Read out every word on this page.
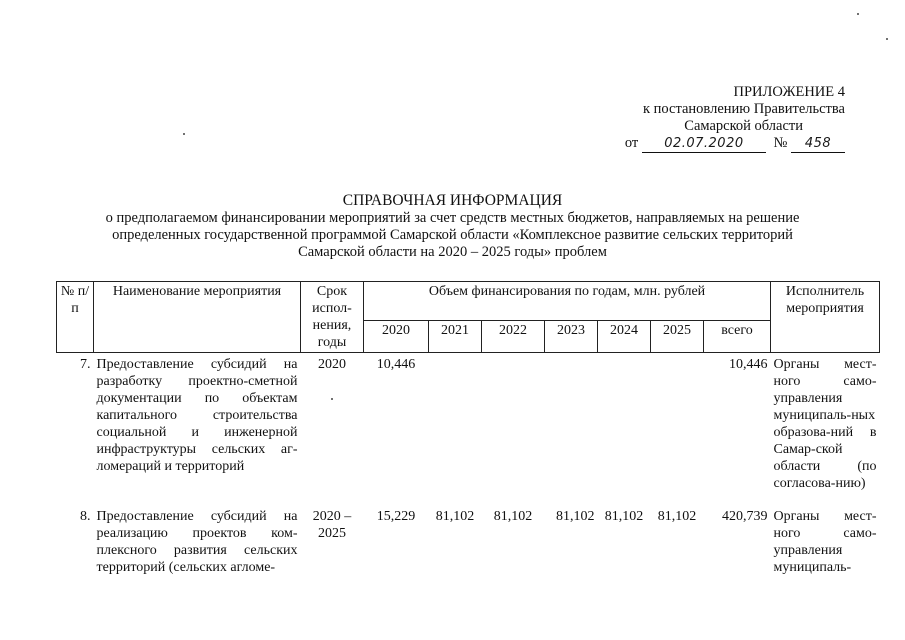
ПРИЛОЖЕНИЕ 4
к постановлению Правительства
Самарской области
от 02.07.2020 № 458
СПРАВОЧНАЯ ИНФОРМАЦИЯ
о предполагаемом финансировании мероприятий за счет средств местных бюджетов, направляемых на решение
определенных государственной программой Самарской области «Комплексное развитие сельских территорий
Самарской области на 2020 – 2025 годы» проблем
№ п/п	Наименование мероприятия	Срок испол-нения, годы	Объем финансирования по годам, млн. рублей							Исполнитель мероприятия
			2020	2021	2022	2023	2024	2025	всего	
7.	Предоставление субсидий на разработку проектно-сметной документации по объектам капитального строительства социальной и инженерной инфраструктуры сельских аг-ломераций и территорий	2020	10,446						10,446	Органы мест-ного само-управления муниципаль-ных образова-ний в Самар-ской области (по согласова-нию)

8.	Предоставление субсидий на реализацию проектов ком-плексного развития сельских территорий (сельских агломе-	2020 – 2025	15,229	81,102	81,102	81,102	81,102	81,102	420,739	Органы мест-ного само-управления муниципаль-
